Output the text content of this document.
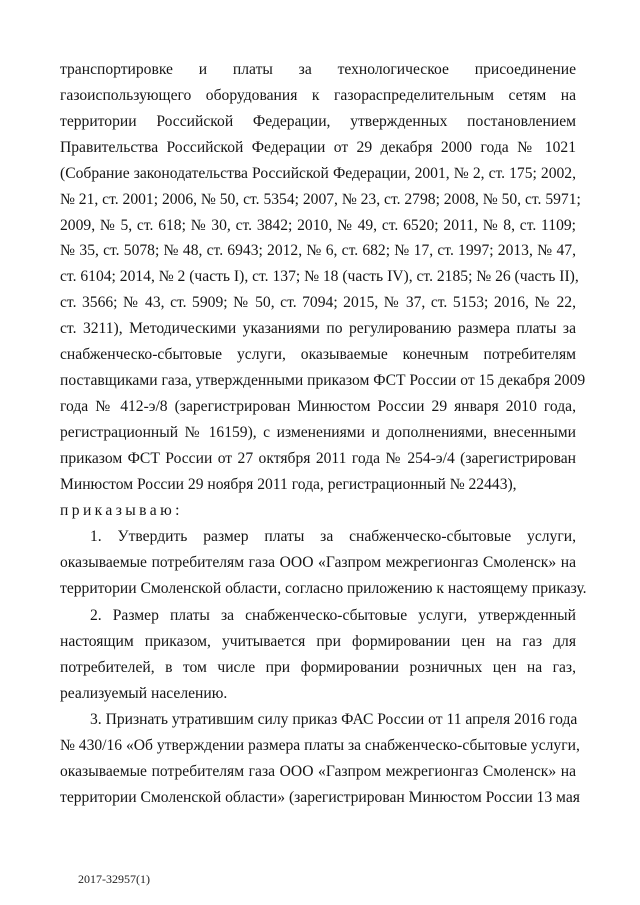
транспортировке и платы за технологическое присоединение
газоиспользующего оборудования к газораспределительным сетям на
территории Российской Федерации, утвержденных постановлением
Правительства Российской Федерации от 29 декабря 2000 года № 1021
(Собрание законодательства Российской Федерации, 2001, № 2, ст. 175; 2002,
№ 21, ст. 2001; 2006, № 50, ст. 5354; 2007, № 23, ст. 2798; 2008, № 50, ст. 5971;
2009, № 5, ст. 618; № 30, ст. 3842; 2010, № 49, ст. 6520; 2011, № 8, ст. 1109;
№ 35, ст. 5078; № 48, ст. 6943; 2012, № 6, ст. 682; № 17, ст. 1997; 2013, № 47,
ст. 6104; 2014, № 2 (часть I), ст. 137; № 18 (часть IV), ст. 2185; № 26 (часть II),
ст. 3566; № 43, ст. 5909; № 50, ст. 7094; 2015, № 37, ст. 5153; 2016, № 22,
ст. 3211), Методическими указаниями по регулированию размера платы за
снабженческо-сбытовые услуги, оказываемые конечным потребителям
поставщиками газа, утвержденными приказом ФСТ России от 15 декабря 2009
года № 412-э/8 (зарегистрирован Минюстом России 29 января 2010 года,
регистрационный № 16159), с изменениями и дополнениями, внесенными
приказом ФСТ России от 27 октября 2011 года № 254-э/4 (зарегистрирован
Минюстом России 29 ноября 2011 года, регистрационный № 22443),
приказываю:
1. Утвердить размер платы за снабженческо-сбытовые услуги,
оказываемые потребителям газа ООО «Газпром межрегионгаз Смоленск» на
территории Смоленской области, согласно приложению к настоящему приказу.
2. Размер платы за снабженческо-сбытовые услуги, утвержденный
настоящим приказом, учитывается при формировании цен на газ для
потребителей, в том числе при формировании розничных цен на газ,
реализуемый населению.
3. Признать утратившим силу приказ ФАС России от 11 апреля 2016 года
№ 430/16 «Об утверждении размера платы за снабженческо-сбытовые услуги,
оказываемые потребителям газа ООО «Газпром межрегионгаз Смоленск» на
территории Смоленской области» (зарегистрирован Минюстом России 13 мая
2017-32957(1)
